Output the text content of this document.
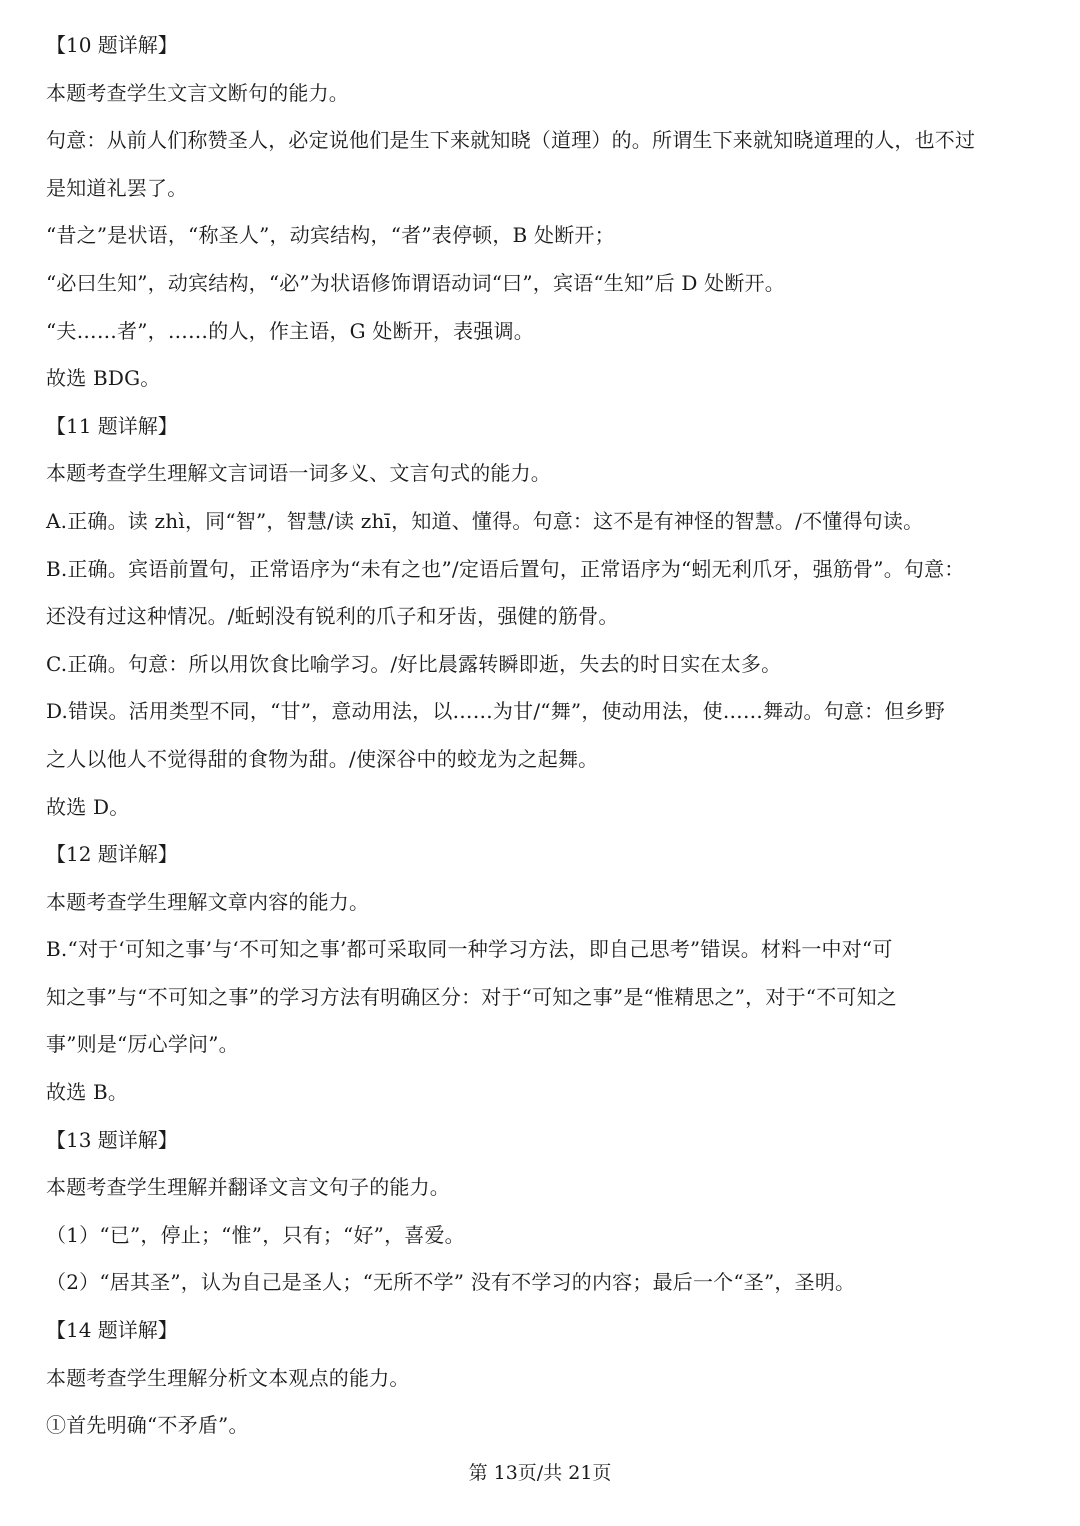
【10 题详解】
本题考查学生文言文断句的能力。
句意：从前人们称赞圣人，必定说他们是生下来就知晓（道理）的。所谓生下来就知晓道理的人，也不过
是知道礼罢了。
“昔之”是状语，“称圣人”，动宾结构，“者”表停顿，B 处断开；
“必曰生知”，动宾结构，“必”为状语修饰谓语动词“曰”，宾语“生知”后 D 处断开。
“夫……者”，……的人，作主语，G 处断开，表强调。
故选 BDG。
【11 题详解】
本题考查学生理解文言词语一词多义、文言句式的能力。
A.正确。读 zhì，同“智”，智慧/读 zhī，知道、懂得。句意：这不是有神怪的智慧。/不懂得句读。
B.正确。宾语前置句，正常语序为“未有之也”/定语后置句，正常语序为“蚓无利爪牙，强筋骨”。句意：
还没有过这种情况。/蚯蚓没有锐利的爪子和牙齿，强健的筋骨。
C.正确。句意：所以用饮食比喻学习。/好比晨露转瞬即逝，失去的时日实在太多。
D.错误。活用类型不同，“甘”，意动用法，以……为甘/“舞”，使动用法，使……舞动。句意：但乡野
之人以他人不觉得甜的食物为甜。/使深谷中的蛟龙为之起舞。
故选 D。
【12 题详解】
本题考查学生理解文章内容的能力。
B.“对于‘可知之事’与‘不可知之事’都可采取同一种学习方法，即自己思考”错误。材料一中对“可
知之事”与“不可知之事”的学习方法有明确区分：对于“可知之事”是“惟精思之”，对于“不可知之
事”则是“厉心学问”。
故选 B。
【13 题详解】
本题考查学生理解并翻译文言文句子的能力。
（1）“已”，停止；“惟”，只有；“好”，喜爱。
（2）“居其圣”，认为自己是圣人；“无所不学” 没有不学习的内容；最后一个“圣”，圣明。
【14 题详解】
本题考查学生理解分析文本观点的能力。
①首先明确“不矛盾”。
第 13页/共 21页
